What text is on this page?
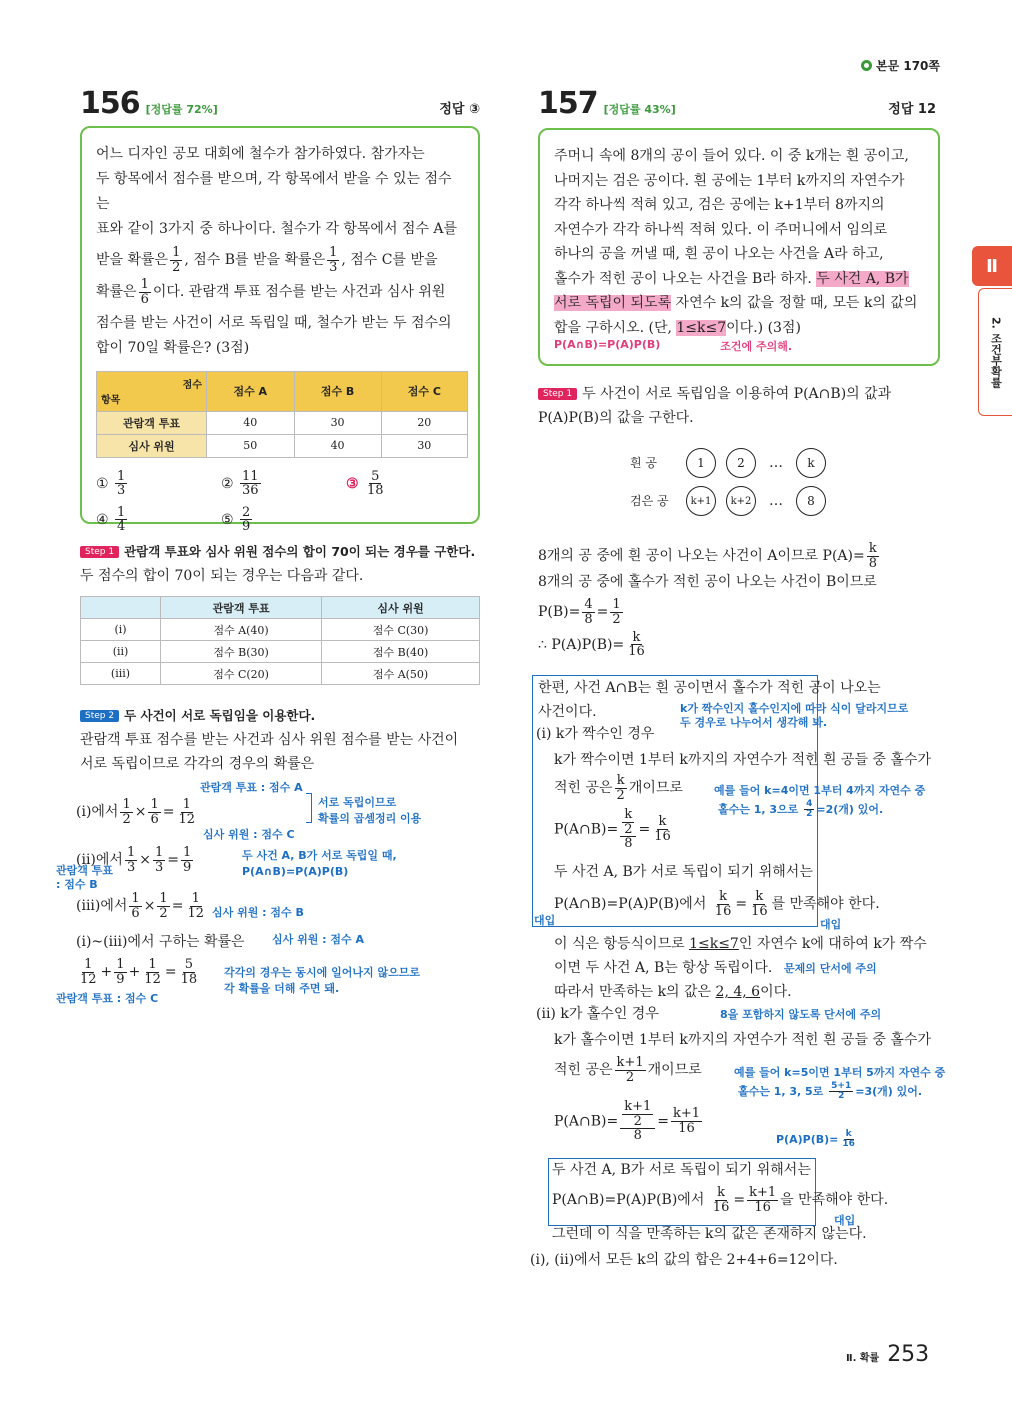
본문 170쪽
156 [정답률 72%]	정답 ③
어느 디자인 공모 대회에 철수가 참가하였다. 참가자는
두 항목에서 점수를 받으며, 각 항목에서 받을 수 있는 점수는
표와 같이 3가지 중 하나이다. 철수가 각 항목에서 점수 A를
받을 확률은 $\frac{1}{2}$ , 점수 B를 받을 확률은 $\frac{1}{3}$ , 점수 C를 받을
확률은 $\frac{1}{6}$ 이다. 관람객 투표 점수를 받는 사건과 심사 위원
점수를 받는 사건이 서로 독립일 때, 철수가 받는 두 점수의
합이 70일 확률은? (3점)
점수
항목	점수 A	점수 B	점수 C
관람객 투표	40	30	20
심사 위원	50	40	30
① $\frac{1}{3}$	② $\frac{11}{36}$	③ $\frac{5}{18}$
④ $\frac{1}{4}$	⑤ $\frac{2}{9}$
Step 1 관람객 투표와 심사 위원 점수의 합이 70이 되는 경우를 구한다.
두 점수의 합이 70이 되는 경우는 다음과 같다.
	관람객 투표	심사 위원
(i)	점수 A(40)	점수 C(30)
(ii)	점수 B(30)	점수 B(40)
(iii)	점수 C(20)	점수 A(50)
Step 2 두 사건이 서로 독립임을 이용한다.
관람객 투표 점수를 받는 사건과 심사 위원 점수를 받는 사건이
서로 독립이므로 각각의 경우의 확률은
관람객 투표 : 점수 A
(i)에서 $\frac{1}{2} \times \frac{1}{6} = \frac{1}{12}$	서로 독립이므로
확률의 곱셈정리 이용
심사 위원 : 점수 C
(ii)에서 $\frac{1}{3} \times \frac{1}{3} = \frac{1}{9}$
관람객 투표
: 점수 B
두 사건 A, B가 서로 독립일 때,
P(A∩B)=P(A)P(B)
(iii)에서 $\frac{1}{6} \times \frac{1}{2} = \frac{1}{12}$ 심사 위원 : 점수 B
(i)~(iii)에서 구하는 확률은 심사 위원 : 점수 A
$\frac{1}{12} + \frac{1}{9} + \frac{1}{12} = \frac{5}{18}$
관람객 투표 : 점수 C
각각의 경우는 동시에 일어나지 않으므로
각 확률을 더해 주면 돼.
157 [정답률 43%]	정답 12
주머니 속에 8개의 공이 들어 있다. 이 중 k개는 흰 공이고,
나머지는 검은 공이다. 흰 공에는 1부터 k까지의 자연수가
각각 하나씩 적혀 있고, 검은 공에는 k+1부터 8까지의
자연수가 각각 하나씩 적혀 있다. 이 주머니에서 임의로
하나의 공을 꺼낼 때, 흰 공이 나오는 사건을 A라 하고,
홀수가 적힌 공이 나오는 사건을 B라 하자. 두 사건 A, B가
서로 독립이 되도록 자연수 k의 값을 정할 때, 모든 k의 값의
합을 구하시오. (단, 1≤k≤7이다.) (3점)
P(A∩B)=P(A)P(B)	조건에 주의해.
Step 1 두 사건이 서로 독립임을 이용하여 P(A∩B)의 값과
P(A)P(B)의 값을 구한다.
흰 공	1	2	…	k
검은 공	k+1	k+2	…	8
8개의 공 중에 흰 공이 나오는 사건이 A이므로 $P(A)= \frac{k}{8}$
8개의 공 중에 홀수가 적힌 공이 나오는 사건이 B이므로
$P(B)= \frac{4}{8} = \frac{1}{2}$
∴ $P(A)P(B)= \frac{k}{16}$
한편, 사건 A∩B는 흰 공이면서 홀수가 적힌 공이 나오는
사건이다.	k가 짝수인지 홀수인지에 따라 식이 달라지므로
두 경우로 나누어서 생각해 봐.
(i) k가 짝수인 경우
k가 짝수이면 1부터 k까지의 자연수가 적힌 흰 공들 중 홀수가
적힌 공은 $\frac{k}{2}$ 개이므로	예를 들어 k=4이면 1부터 4까지 자연수 중
홀수는 1, 3으로 $\frac{4}{2} =2$(개) 있어.
P(A∩B)= $\frac{\frac{k}{2}}{8} = \frac{k}{16}$
두 사건 A, B가 서로 독립이 되기 위해서는
P(A∩B)=P(A)P(B)에서 $\frac{k}{16} = \frac{k}{16}$ 를 만족해야 한다.
대입	대입
이 식은 항등식이므로 1≤k≤7인 자연수 k에 대하여 k가 짝수
이면 두 사건 A, B는 항상 독립이다. 문제의 단서에 주의
따라서 만족하는 k의 값은 2, 4, 6이다.
8을 포함하지 않도록 단서에 주의
(ii) k가 홀수인 경우
k가 홀수이면 1부터 k까지의 자연수가 적힌 흰 공들 중 홀수가
적힌 공은 $\frac{k+1}{2}$ 개이므로	예를 들어 k=5이면 1부터 5까지 자연수 중
홀수는 1, 3, 5로 $\frac{5+1}{2} =3$(개) 있어.
P(A∩B)= $\frac{\frac{k+1}{2}}{8} = \frac{k+1}{16}$
$P(A)P(B)= \frac{k}{16}$
두 사건 A, B가 서로 독립이 되기 위해서는
P(A∩B)=P(A)P(B)에서 $\frac{k}{16} = \frac{k+1}{16}$ 을 만족해야 한다.
대입
그런데 이 식을 만족하는 k의 값은 존재하지 않는다.
(i), (ii)에서 모든 k의 값의 합은 2+4+6=12이다.
Ⅱ
2. 조건부확률
Ⅱ. 확률 253
